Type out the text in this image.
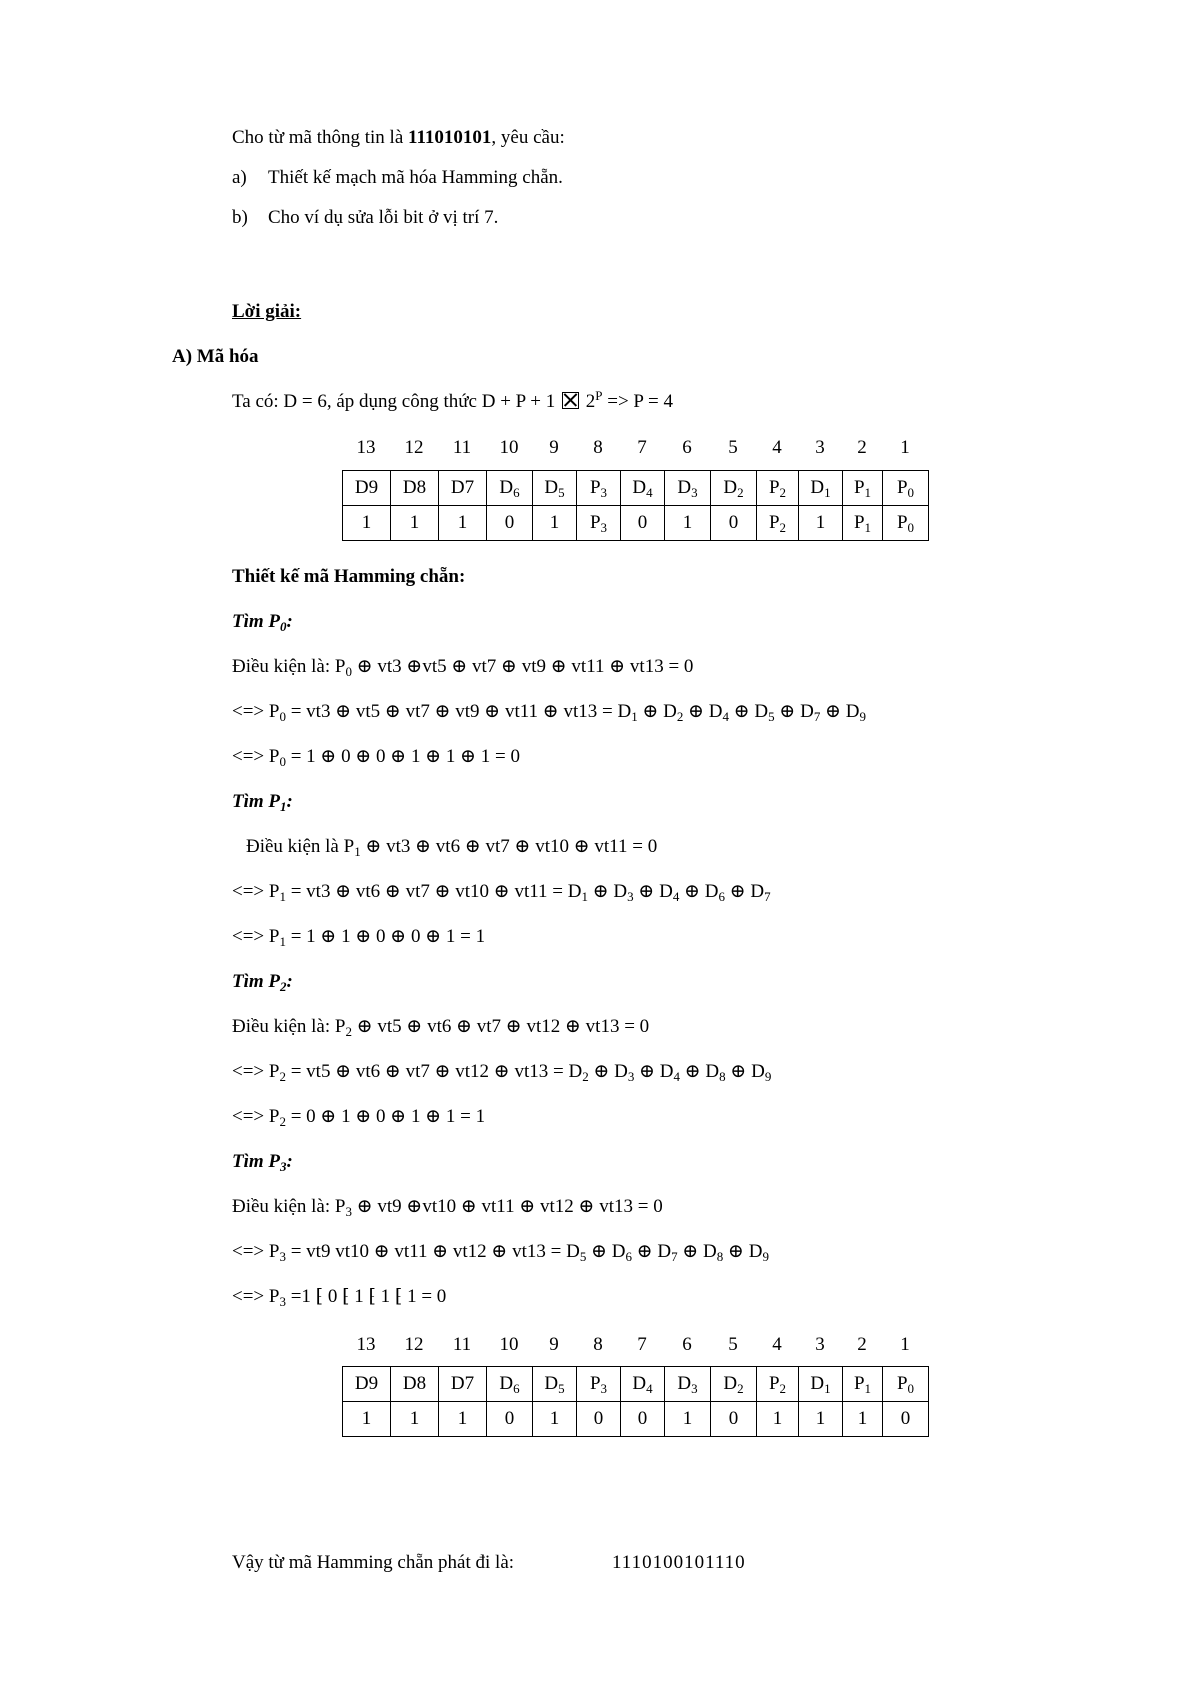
Cho từ mã thông tin là 111010101, yêu cầu:
a) Thiết kế mạch mã hóa Hamming chẵn.
b) Cho ví dụ sửa lỗi bit ở vị trí 7.
Lời giải:
A) Mã hóa
Ta có: D = 6, áp dụng công thức D + P + 1 $2^P => P = 4$
13	12	11	10	9	8	7	6	5	4	3	2	1
D9	D8	D7	$D_6$	$D_5$	$P_3$	$D_4$	$D_3$	$D_2$	$P_2$	$D_1$	$P_1$	$P_0$
1	1	1	0	1	$P_3$	0	1	0	$P_2$	1	$P_1$	$P_0$
Thiết kế mã Hamming chẵn:
Tìm $P_0$:
Điều kiện là: $P_0$ ⊕ vt3 ⊕vt5 ⊕ vt7 ⊕ vt9 ⊕ vt11 ⊕ vt13 = 0
<=> $P_0 = vt3$ ⊕ vt5 ⊕ vt7 ⊕ vt9 ⊕ vt11 ⊕ $vt13 = D_1$ ⊕ $D_2$ ⊕ $D_4$ ⊕ $D_5$ ⊕ $D_7$ ⊕ $D_9$
<=> $P_0 = 1$ ⊕ 0 ⊕ 0 ⊕ 1 ⊕ 1 ⊕ 1 = 0
Tìm $P_1$:
Điều kiện là $P_1$ ⊕ vt3 ⊕ vt6 ⊕ vt7 ⊕ vt10 ⊕ vt11 = 0
<=> $P_1 = vt3$ ⊕ vt6 ⊕ vt7 ⊕ vt10 ⊕ $vt11 = D_1$ ⊕ $D_3$ ⊕ $D_4$ ⊕ $D_6$ ⊕ $D_7$
<=> $P_1 = 1$ ⊕ 1 ⊕ 0 ⊕ 0 ⊕ 1 = 1
Tìm $P_2$:
Điều kiện là: $P_2$ ⊕ vt5 ⊕ vt6 ⊕ vt7 ⊕ vt12 ⊕ vt13 = 0
<=> $P_2 = vt5$ ⊕ vt6 ⊕ vt7 ⊕ vt12 ⊕ $vt13 = D_2$ ⊕ $D_3$ ⊕ $D_4$ ⊕ $D_8$ ⊕ $D_9$
<=> $P_2 = 0$ ⊕ 1 ⊕ 0 ⊕ 1 ⊕ 1 = 1
Tìm $P_3$:
Điều kiện là: $P_3$ ⊕ vt9 ⊕vt10 ⊕ vt11 ⊕ vt12 ⊕ vt13 = 0
<=> $P_3 = vt9$ vt10 ⊕ vt11 ⊕ vt12 ⊕ $vt13 = D_5$ ⊕ $D_6$ ⊕ $D_7$ ⊕ $D_8$ ⊕ $D_9$
<=> $P_3 =1$ ⁅ 0 ⁅ 1 ⁅ 1 ⁅ 1 = 0
13	12	11	10	9	8	7	6	5	4	3	2	1
D9	D8	D7	$D_6$	$D_5$	$P_3$	$D_4$	$D_3$	$D_2$	$P_2$	$D_1$	$P_1$	$P_0$
1	1	1	0	1	0	0	1	0	1	1	1	0
Vậy từ mã Hamming chẵn phát đi là:	1110100101110
